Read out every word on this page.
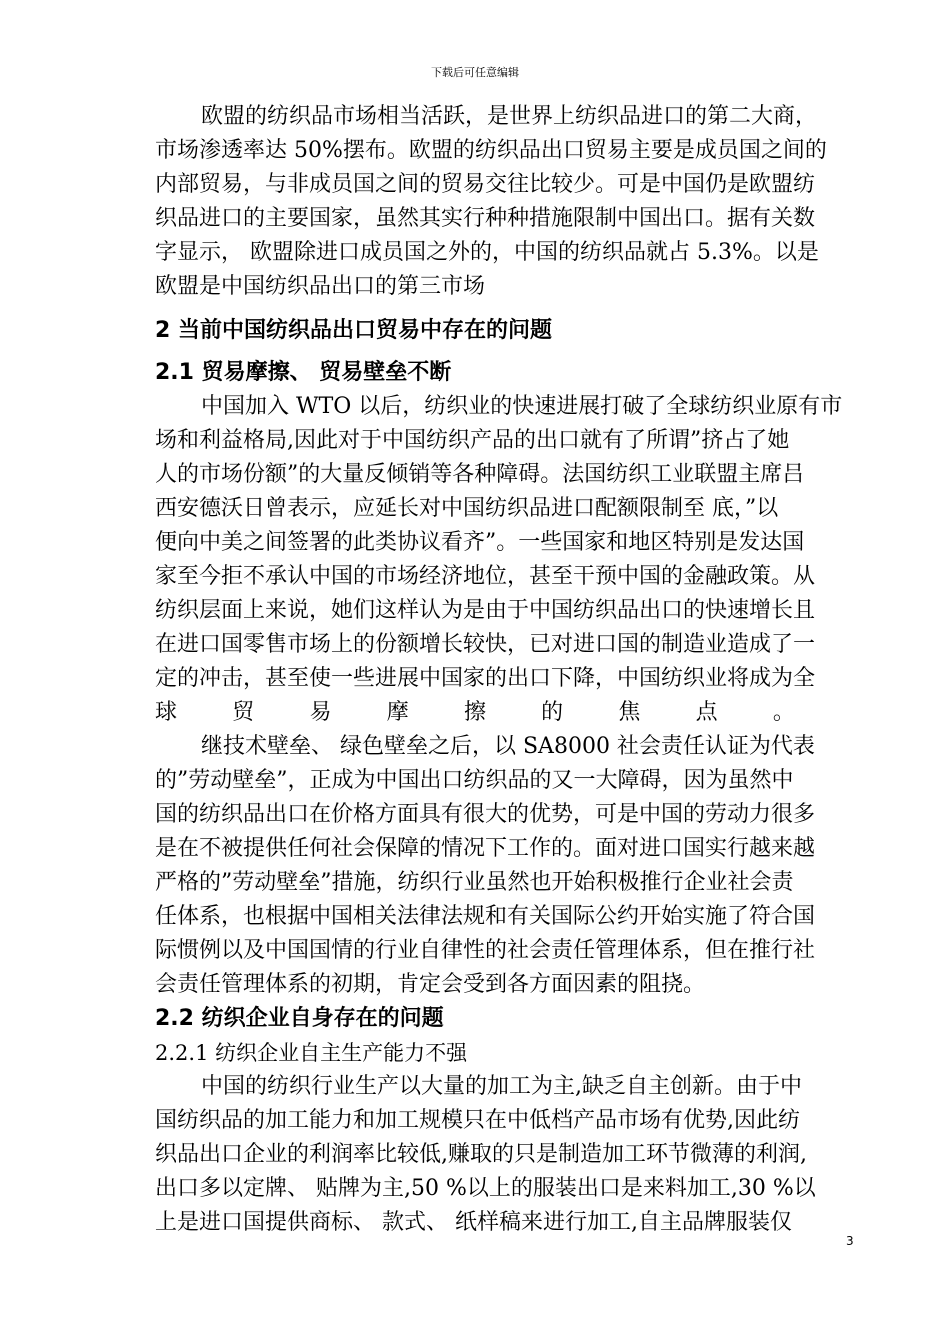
下载后可任意编辑

欧盟的纺织品市场相当活跃，是世界上纺织品进口的第二大商，
市场渗透率达 50%摆布。欧盟的纺织品出口贸易主要是成员国之间的
内部贸易，与非成员国之间的贸易交往比较少。可是中国仍是欧盟纺
织品进口的主要国家，虽然其实行种种措施限制中国出口。据有关数
字显示， 欧盟除进口成员国之外的，中国的纺织品就占 5.3%。以是
欧盟是中国纺织品出口的第三市场

2 当前中国纺织品出口贸易中存在的问题
2.1 贸易摩擦、 贸易壁垒不断

中国加入 WTO 以后，纺织业的快速进展打破了全球纺织业原有市
场和利益格局,因此对于中国纺织产品的出口就有了所谓”挤占了她
人的市场份额”的大量反倾销等各种障碍。法国纺织工业联盟主席吕
西安德沃日曾表示，应延长对中国纺织品进口配额限制至 底，”以
便向中美之间签署的此类协议看齐”。一些国家和地区特别是发达国
家至今拒不承认中国的市场经济地位，甚至干预中国的金融政策。从
纺织层面上来说，她们这样认为是由于中国纺织品出口的快速增长且
在进口国零售市场上的份额增长较快，已对进口国的制造业造成了一
定的冲击，甚至使一些进展中国家的出口下降，中国纺织业将成为全

球	贸	易	摩	擦	的	焦	点	。

继技术壁垒、 绿色壁垒之后，以 SA8000 社会责任认证为代表
的”劳动壁垒”，正成为中国出口纺织品的又一大障碍，因为虽然中
国的纺织品出口在价格方面具有很大的优势，可是中国的劳动力很多
是在不被提供任何社会保障的情况下工作的。面对进口国实行越来越
严格的”劳动壁垒”措施，纺织行业虽然也开始积极推行企业社会责
任体系，也根据中国相关法律法规和有关国际公约开始实施了符合国
际惯例以及中国国情的行业自律性的社会责任管理体系，但在推行社
会责任管理体系的初期，肯定会受到各方面因素的阻挠。

2.2 纺织企业自身存在的问题
2.2.1 纺织企业自主生产能力不强

中国的纺织行业生产以大量的加工为主,缺乏自主创新。由于中
国纺织品的加工能力和加工规模只在中低档产品市场有优势,因此纺
织品出口企业的利润率比较低,赚取的只是制造加工环节微薄的利润,
出口多以定牌、 贴牌为主,50 %以上的服装出口是来料加工,30 %以
上是进口国提供商标、 款式、 纸样稿来进行加工,自主品牌服装仅

3
